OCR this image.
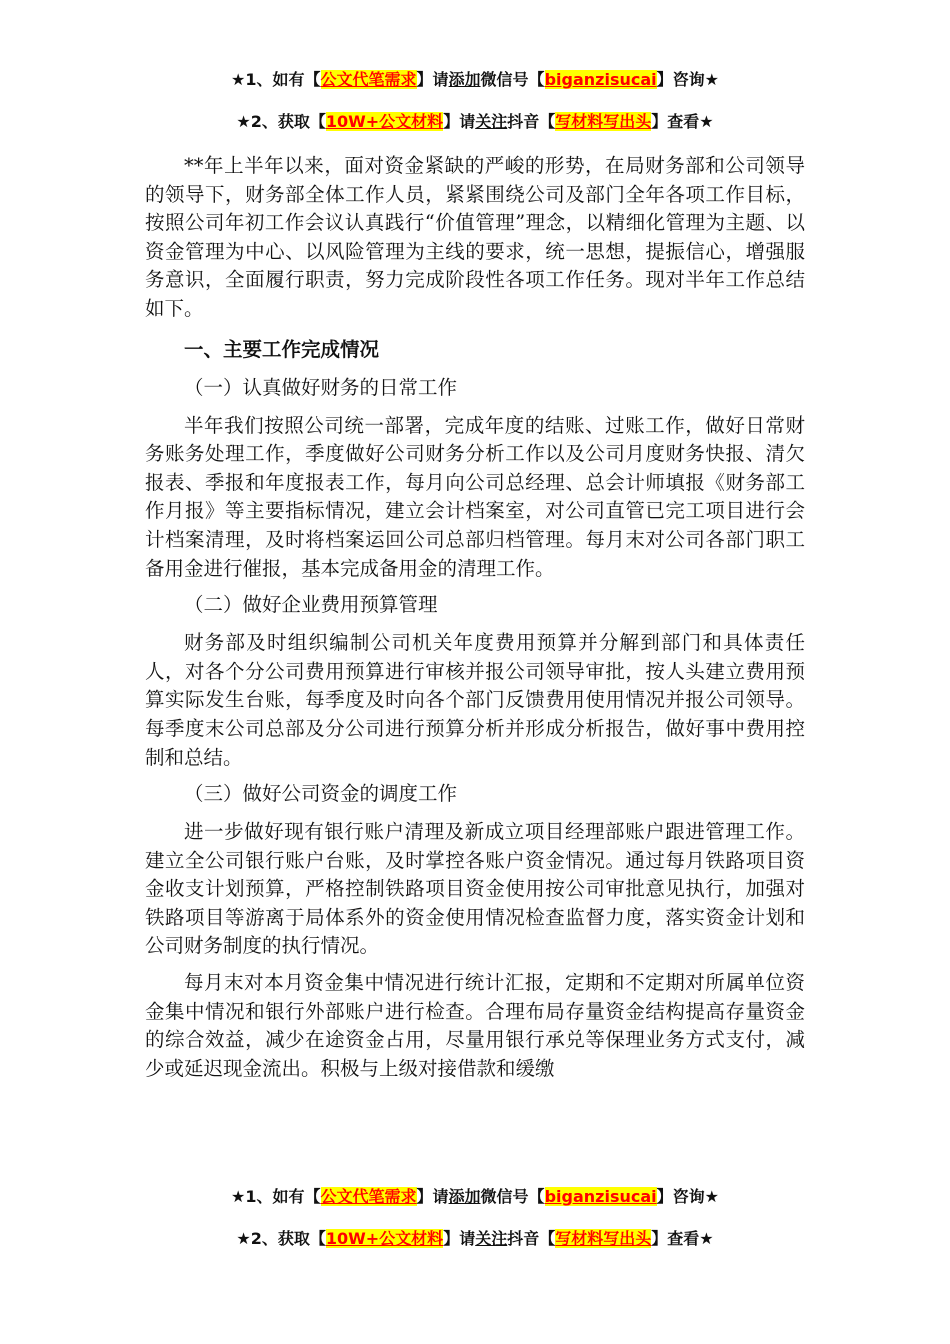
★1、如有【公文代笔需求】请添加微信号【biganzisucai】咨询★
★2、获取【10W+公文材料】请关注抖音【写材料写出头】查看★

**年上半年以来，面对资金紧缺的严峻的形势，在局财务部和公司领导的领导下，财务部全体工作人员，紧紧围绕公司及部门全年各项工作目标，按照公司年初工作会议认真践行“价值管理”理念，以精细化管理为主题、以资金管理为中心、以风险管理为主线的要求，统一思想，提振信心，增强服务意识，全面履行职责，努力完成阶段性各项工作任务。现对半年工作总结如下。

一、主要工作完成情况

（一）认真做好财务的日常工作

半年我们按照公司统一部署，完成年度的结账、过账工作，做好日常财务账务处理工作，季度做好公司财务分析工作以及公司月度财务快报、清欠报表、季报和年度报表工作，每月向公司总经理、总会计师填报《财务部工作月报》等主要指标情况，建立会计档案室，对公司直管已完工项目进行会计档案清理，及时将档案运回公司总部归档管理。每月末对公司各部门职工备用金进行催报，基本完成备用金的清理工作。

（二）做好企业费用预算管理

财务部及时组织编制公司机关年度费用预算并分解到部门和具体责任人，对各个分公司费用预算进行审核并报公司领导审批，按人头建立费用预算实际发生台账，每季度及时向各个部门反馈费用使用情况并报公司领导。每季度末公司总部及分公司进行预算分析并形成分析报告，做好事中费用控制和总结。

（三）做好公司资金的调度工作

进一步做好现有银行账户清理及新成立项目经理部账户跟进管理工作。建立全公司银行账户台账，及时掌控各账户资金情况。通过每月铁路项目资金收支计划预算，严格控制铁路项目资金使用按公司审批意见执行，加强对铁路项目等游离于局体系外的资金使用情况检查监督力度，落实资金计划和公司财务制度的执行情况。

每月末对本月资金集中情况进行统计汇报，定期和不定期对所属单位资金集中情况和银行外部账户进行检查。合理布局存量资金结构提高存量资金的综合效益，减少在途资金占用，尽量用银行承兑等保理业务方式支付，减少或延迟现金流出。积极与上级对接借款和缓缴

★1、如有【公文代笔需求】请添加微信号【biganzisucai】咨询★
★2、获取【10W+公文材料】请关注抖音【写材料写出头】查看★
